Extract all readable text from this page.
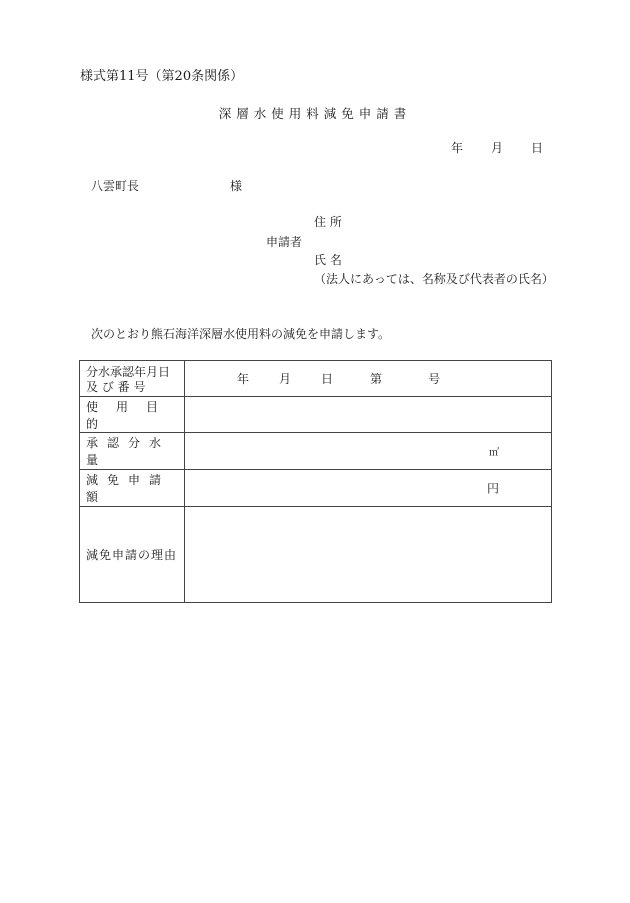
様式第11号（第20条関係）
深層水使用料減免申請書
年 月 日
八雲町長	様
住 所
申請者
氏 名
（法人にあっては、名称及び代表者の氏名）
次のとおり熊石海洋深層水使用料の減免を申請します。
分水承認年月日
及 び 番 号	年 月 日 第 号

使用目的	

承認分水量	㎥

減免申請額	円

減免申請の理由	
